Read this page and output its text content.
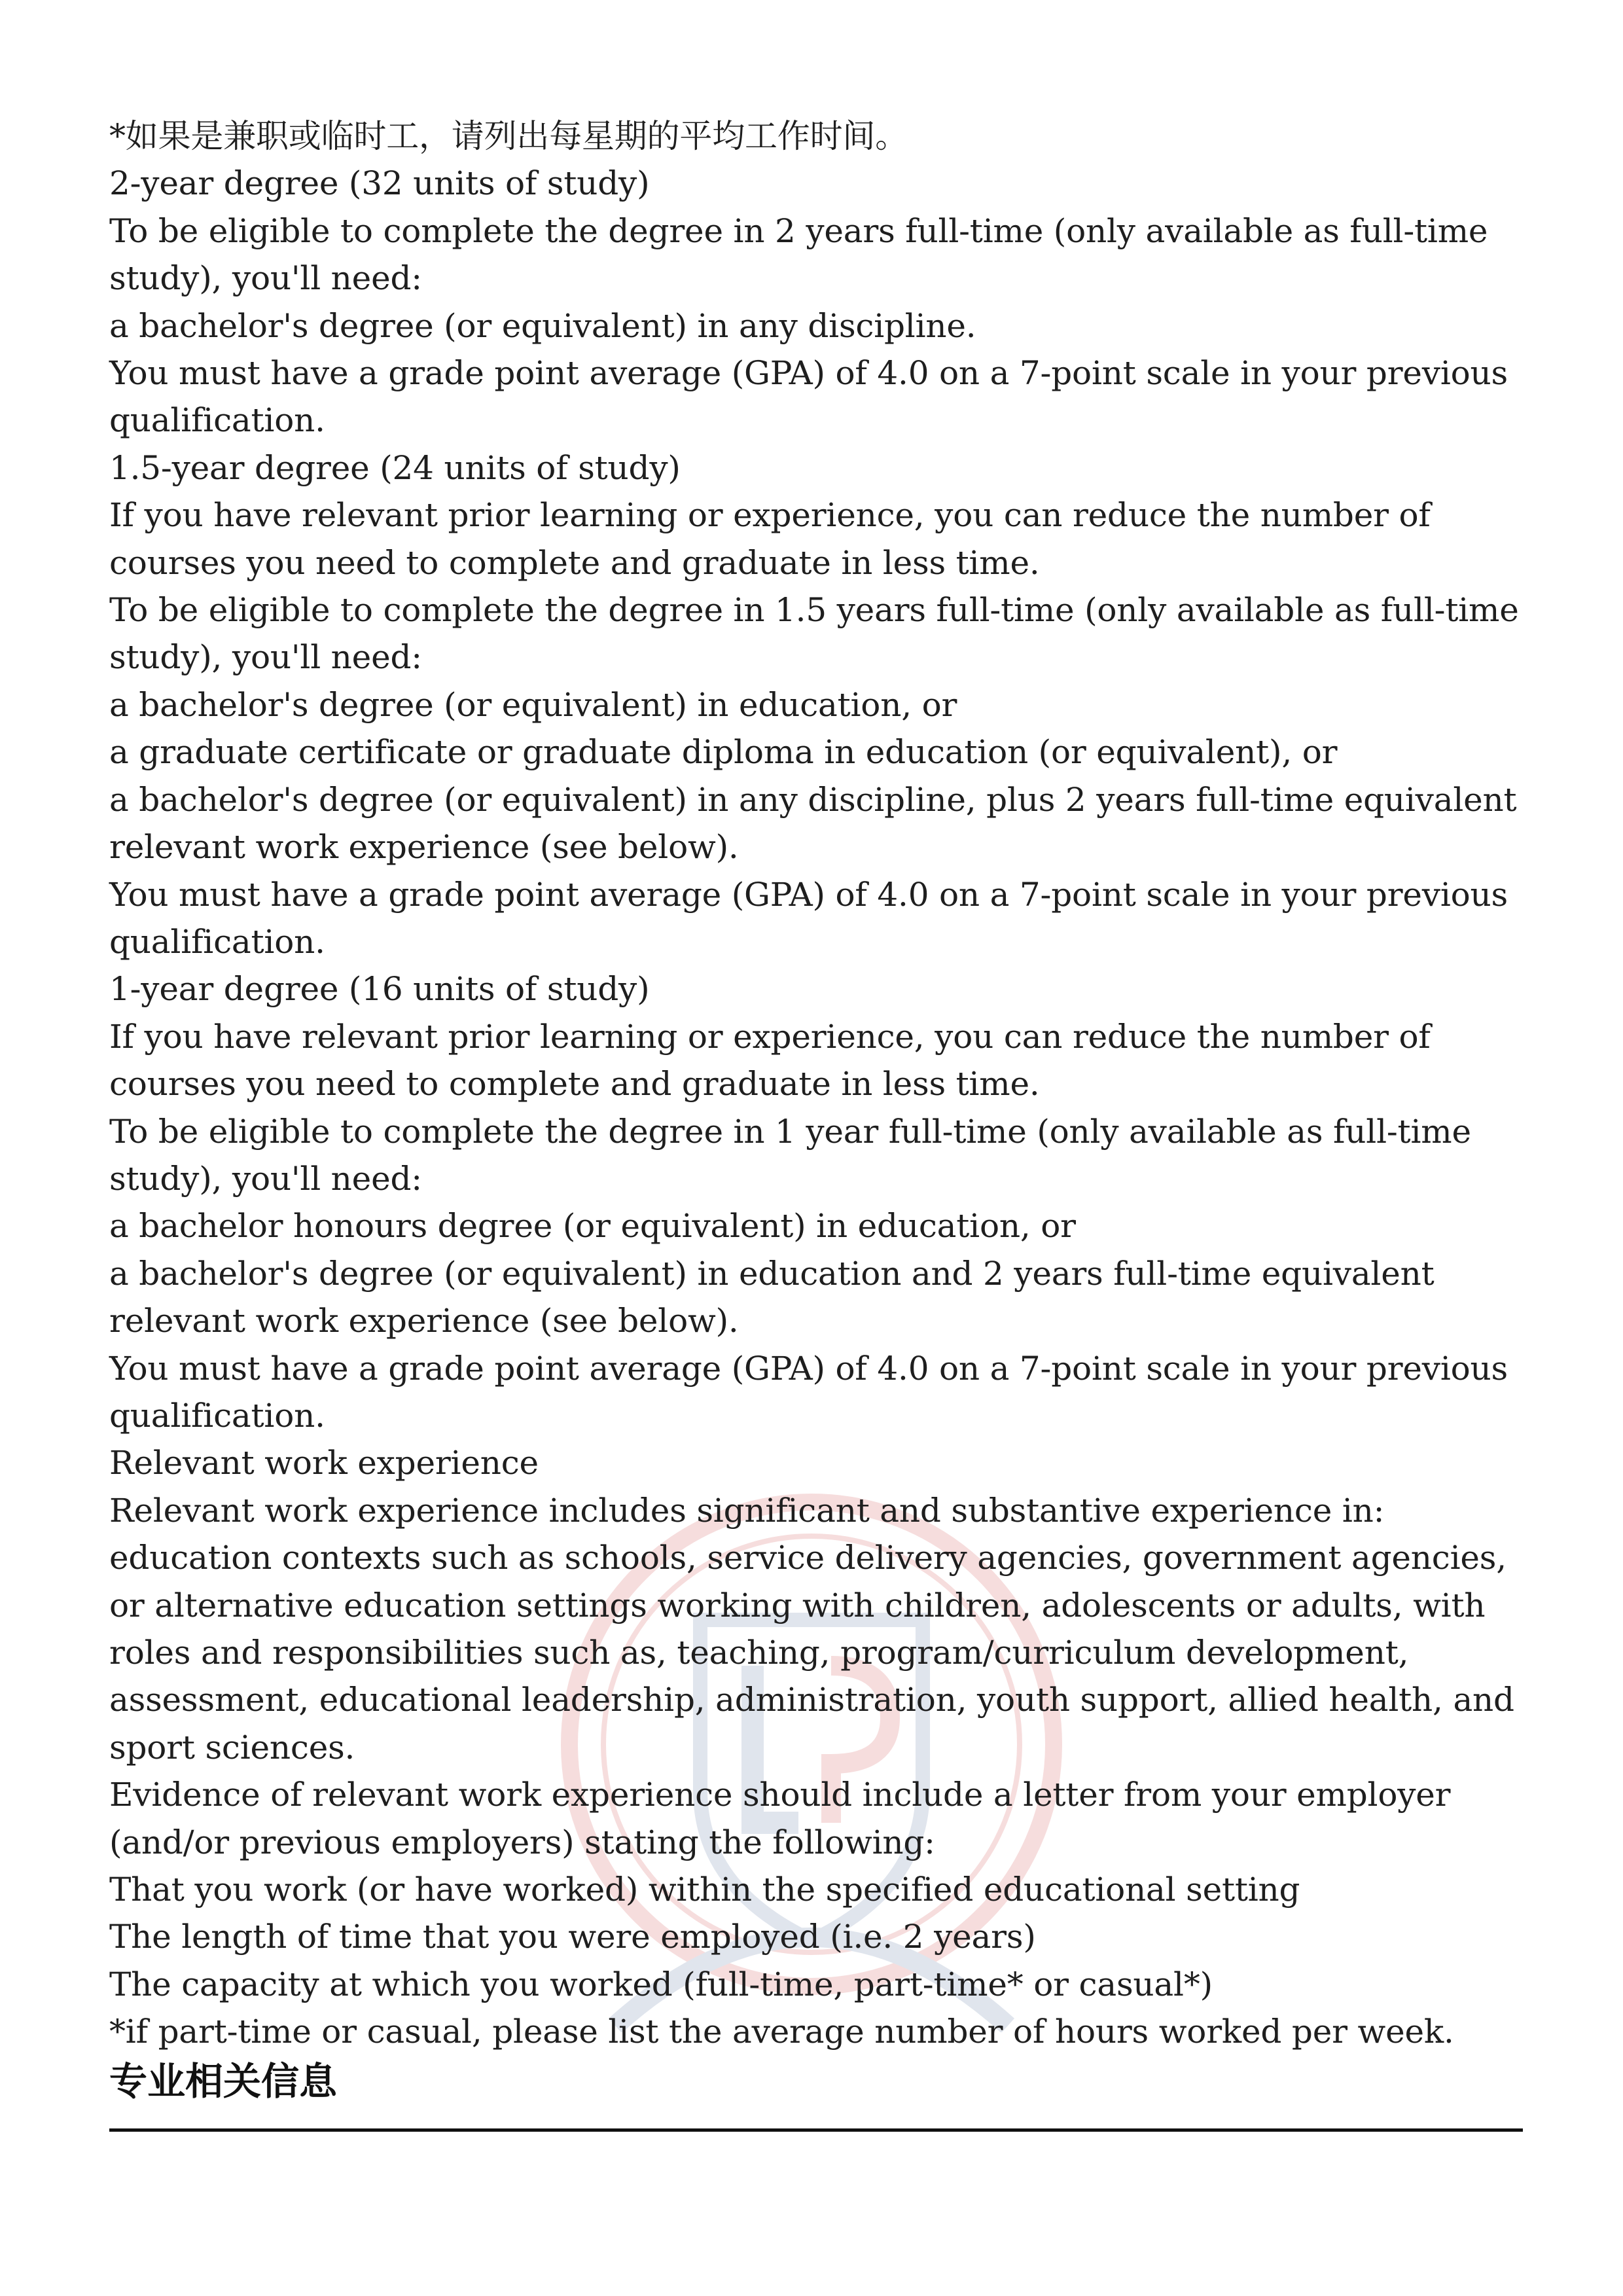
*如果是兼职或临时工，请列出每星期的平均工作时间。

2-year degree (32 units of study)

To be eligible to complete the degree in 2 years full-time (only available as full-time study), you'll need:

a bachelor's degree (or equivalent) in any discipline.

You must have a grade point average (GPA) of 4.0 on a 7-point scale in your previous qualification.

1.5-year degree (24 units of study)

If you have relevant prior learning or experience, you can reduce the number of courses you need to complete and graduate in less time.

To be eligible to complete the degree in 1.5 years full-time (only available as full-time study), you'll need:

a bachelor's degree (or equivalent) in education, or

a graduate certificate or graduate diploma in education (or equivalent), or

a bachelor's degree (or equivalent) in any discipline, plus 2 years full-time equivalent relevant work experience (see below).

You must have a grade point average (GPA) of 4.0 on a 7-point scale in your previous qualification.

1-year degree (16 units of study)

If you have relevant prior learning or experience, you can reduce the number of courses you need to complete and graduate in less time.

To be eligible to complete the degree in 1 year full-time (only available as full-time study), you'll need:

a bachelor honours degree (or equivalent) in education, or

a bachelor's degree (or equivalent) in education and 2 years full-time equivalent relevant work experience (see below).

You must have a grade point average (GPA) of 4.0 on a 7-point scale in your previous qualification.

Relevant work experience

Relevant work experience includes significant and substantive experience in:

education contexts such as schools, service delivery agencies, government agencies, or alternative education settings working with children, adolescents or adults, with roles and responsibilities such as, teaching, program/curriculum development, assessment, educational leadership, administration, youth support, allied health, and sport sciences.

Evidence of relevant work experience should include a letter from your employer (and/or previous employers) stating the following:

That you work (or have worked) within the specified educational setting

The length of time that you were employed (i.e. 2 years)

The capacity at which you worked (full-time, part-time* or casual*)

*if part-time or casual, please list the average number of hours worked per week.

专业相关信息
